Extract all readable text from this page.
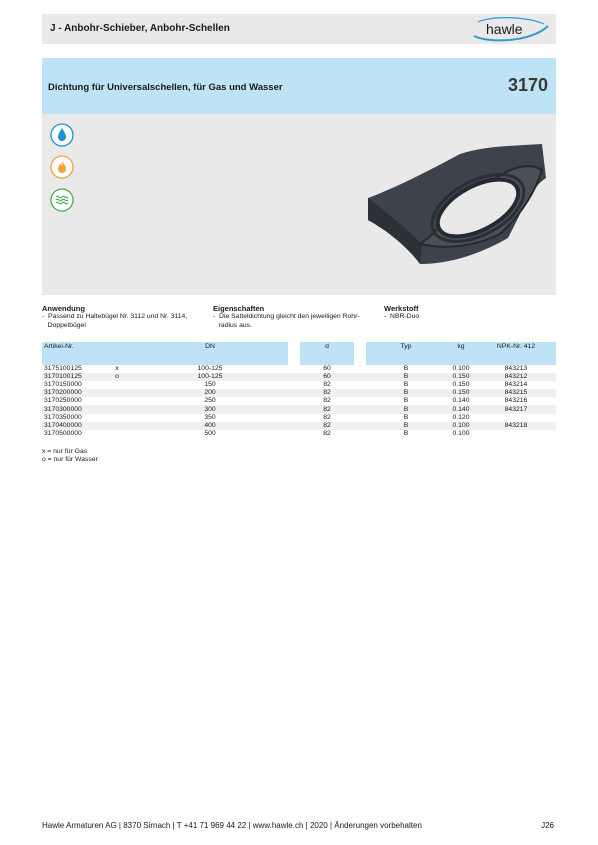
J - Anbohr-Schieber, Anbohr-Schellen	hawle
Dichtung für Universalschellen, für Gas und Wasser	3170
Anwendung
-  Passend zu Haltebügel Nr. 3112 und Nr. 3114,
Doppelbügel
Eigenschaften
-  Die Satteldichtung gleicht den jeweiligen Rohr-
radius aus.
Werkstoff
-  NBR-Duo
Artikel-Nr.		DN		d		Typ	kg	NPK-Nr. 412
3175100125	x	100-125		60		B	0.100	843213
3170100125	o	100-125		60		B	0.150	843212
3170150000		150		82		B	0.150	843214
3170200000		200		82		B	0.150	843215
3170250000		250		82		B	0.140	843216
3170300000		300		82		B	0.140	843217
3170350000		350		82		B	0.120	
3170400000		400		82		B	0.100	843218
3170500000		500		82		B	0.100	
x = nur für Gas
o = nur für Wasser
Hawle Armaturen AG | 8370 Sirnach | T +41 71 969 44 22 | www.hawle.ch | 2020 | Änderungen vorbehalten	J26
